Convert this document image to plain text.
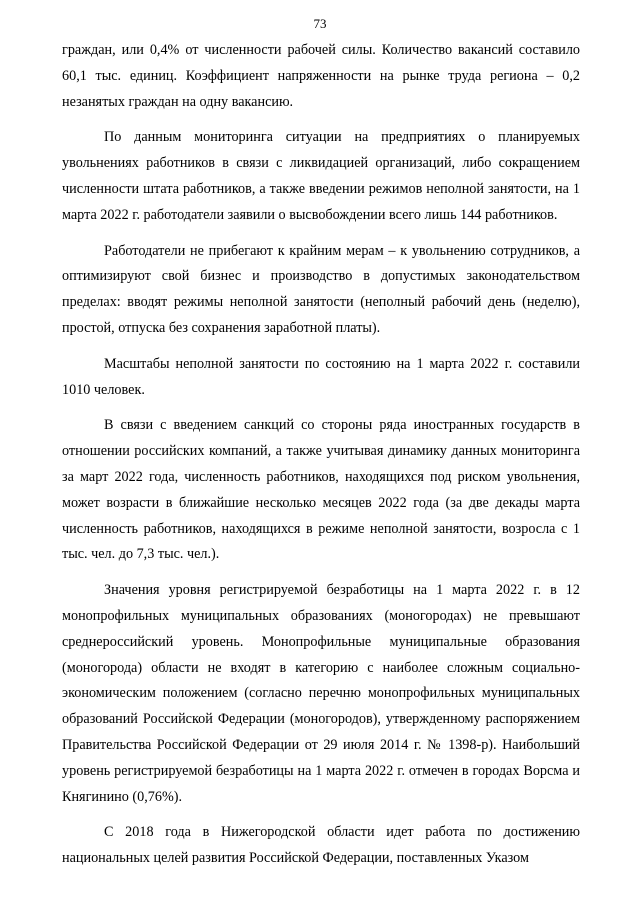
73

граждан, или 0,4% от численности рабочей силы. Количество вакансий составило 60,1 тыс. единиц. Коэффициент напряженности на рынке труда региона – 0,2 незанятых граждан на одну вакансию.

По данным мониторинга ситуации на предприятиях о планируемых увольнениях работников в связи с ликвидацией организаций, либо сокращением численности штата работников, а также введении режимов неполной занятости, на 1 марта 2022 г. работодатели заявили о высвобождении всего лишь 144 работников.

Работодатели не прибегают к крайним мерам – к увольнению сотрудников, а оптимизируют свой бизнес и производство в допустимых законодательством пределах: вводят режимы неполной занятости (неполный рабочий день (неделю), простой, отпуска без сохранения заработной платы).

Масштабы неполной занятости по состоянию на 1 марта 2022 г. составили 1010 человек.

В связи с введением санкций со стороны ряда иностранных государств в отношении российских компаний, а также учитывая динамику данных мониторинга за март 2022 года, численность работников, находящихся под риском увольнения, может возрасти в ближайшие несколько месяцев 2022 года (за две декады марта численность работников, находящихся в режиме неполной занятости, возросла с 1 тыс. чел. до 7,3 тыс. чел.).

Значения уровня регистрируемой безработицы на 1 марта 2022 г. в 12 монопрофильных муниципальных образованиях (моногородах) не превышают среднероссийский уровень. Монопрофильные муниципальные образования (моногорода) области не входят в категорию с наиболее сложным социально-экономическим положением (согласно перечню монопрофильных муниципальных образований Российской Федерации (моногородов), утвержденному распоряжением Правительства Российской Федерации от 29 июля 2014 г. № 1398-р). Наибольший уровень регистрируемой безработицы на 1 марта 2022 г. отмечен в городах Ворсма и Княгинино (0,76%).

С 2018 года в Нижегородской области идет работа по достижению национальных целей развития Российской Федерации, поставленных Указом
